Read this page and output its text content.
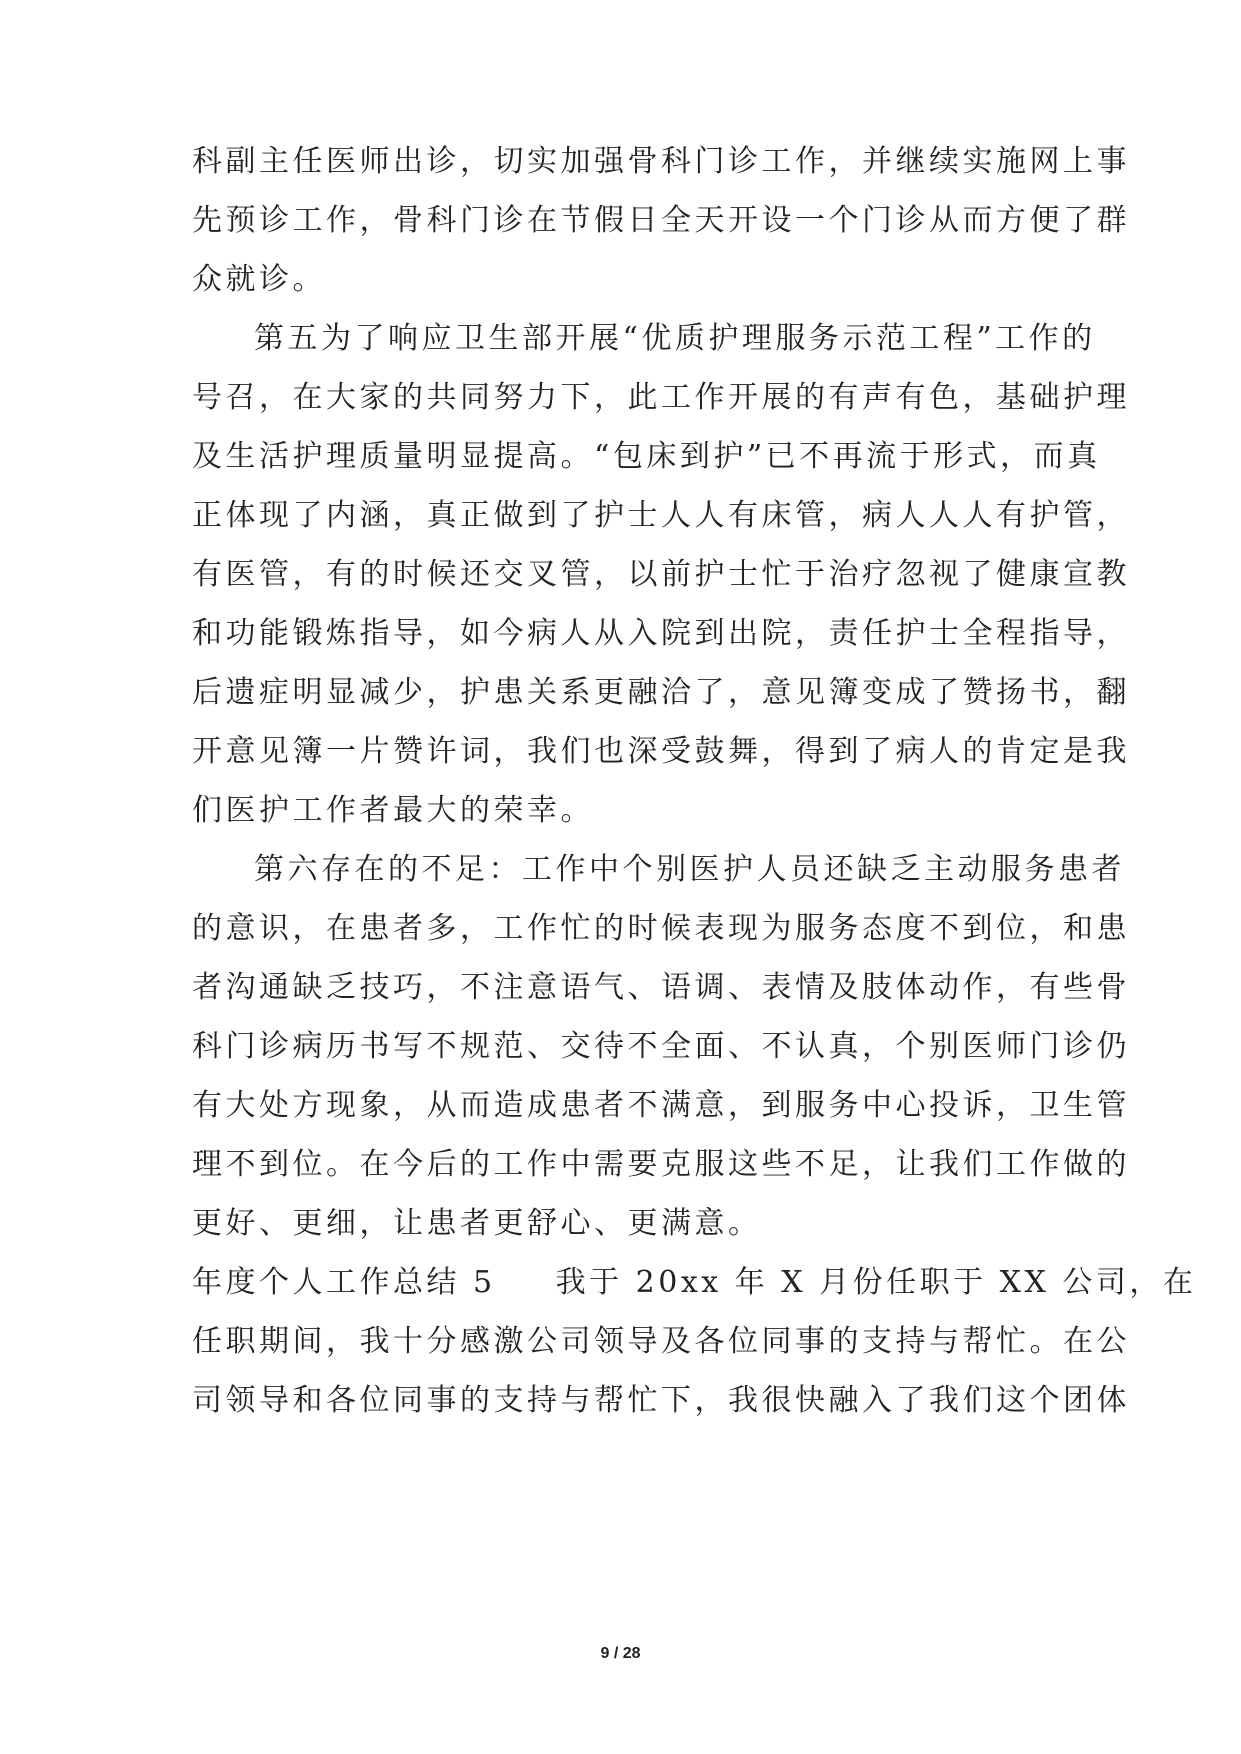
科副主任医师出诊，切实加强骨科门诊工作，并继续实施网上事
先预诊工作，骨科门诊在节假日全天开设一个门诊从而方便了群
众就诊。
第五为了响应卫生部开展“优质护理服务示范工程”工作的
号召，在大家的共同努力下，此工作开展的有声有色，基础护理
及生活护理质量明显提高。“包床到护”已不再流于形式，而真
正体现了内涵，真正做到了护士人人有床管，病人人人有护管，
有医管，有的时候还交叉管，以前护士忙于治疗忽视了健康宣教
和功能锻炼指导，如今病人从入院到出院，责任护士全程指导，
后遗症明显减少，护患关系更融洽了，意见簿变成了赞扬书，翻
开意见簿一片赞许词，我们也深受鼓舞，得到了病人的肯定是我
们医护工作者最大的荣幸。
第六存在的不足：工作中个别医护人员还缺乏主动服务患者
的意识，在患者多，工作忙的时候表现为服务态度不到位，和患
者沟通缺乏技巧，不注意语气、语调、表情及肢体动作，有些骨
科门诊病历书写不规范、交待不全面、不认真，个别医师门诊仍
有大处方现象，从而造成患者不满意，到服务中心投诉，卫生管
理不到位。在今后的工作中需要克服这些不足，让我们工作做的
更好、更细，让患者更舒心、更满意。
年度个人工作总结 5 我于 20xx 年 X 月份任职于 XX 公司，在
任职期间，我十分感激公司领导及各位同事的支持与帮忙。在公
司领导和各位同事的支持与帮忙下，我很快融入了我们这个团体
9 / 28
